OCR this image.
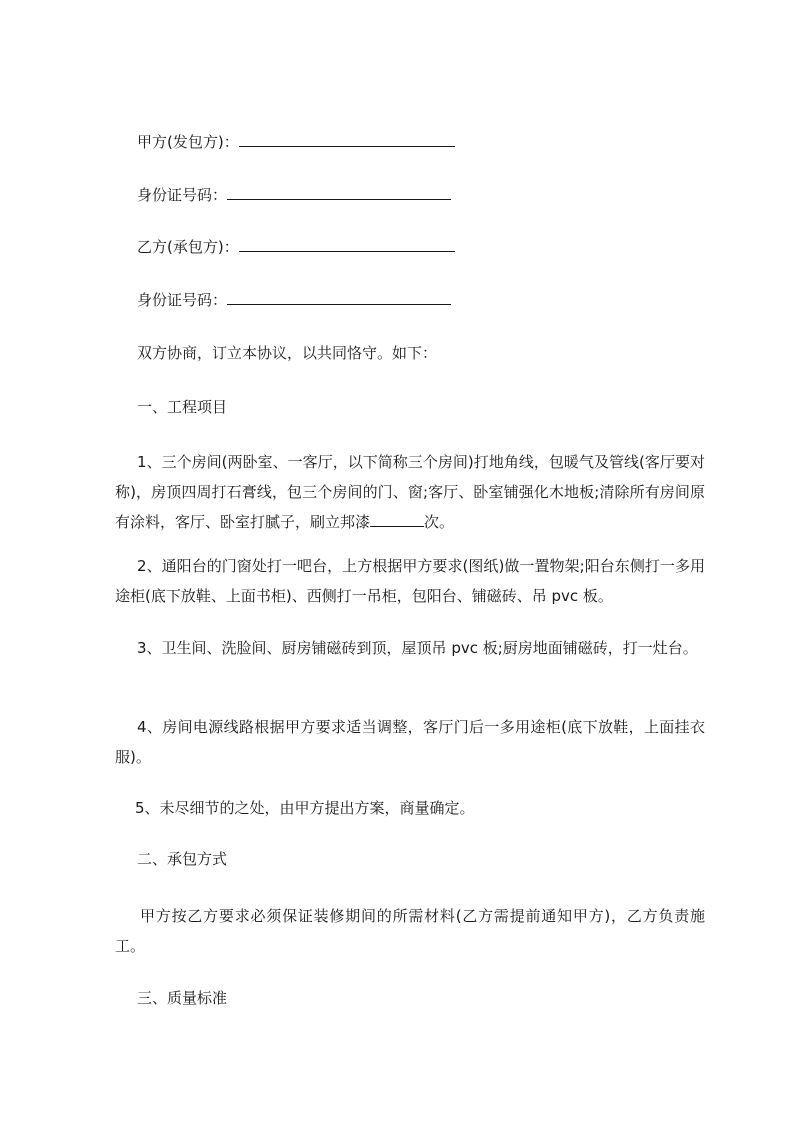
甲方(发包方)：
身份证号码：
乙方(承包方)：
身份证号码：
双方协商，订立本协议，以共同恪守。如下：
一、工程项目
1、三个房间(两卧室、一客厅，以下简称三个房间)打地角线，包暖气及管线(客厅要对称)，房顶四周打石膏线，包三个房间的门、窗;客厅、卧室铺强化木地板;清除所有房间原有涂料，客厅、卧室打腻子，刷立邦漆	次。
2、通阳台的门窗处打一吧台，上方根据甲方要求(图纸)做一置物架;阳台东侧打一多用途柜(底下放鞋、上面书柜)、西侧打一吊柜，包阳台、铺磁砖、吊 pvc 板。
3、卫生间、洗脸间、厨房铺磁砖到顶，屋顶吊 pvc 板;厨房地面铺磁砖，打一灶台。
4、房间电源线路根据甲方要求适当调整，客厅门后一多用途柜(底下放鞋，上面挂衣服)。
5、未尽细节的之处，由甲方提出方案，商量确定。
二、承包方式
甲方按乙方要求必须保证装修期间的所需材料(乙方需提前通知甲方)，乙方负责施工。
三、质量标准
